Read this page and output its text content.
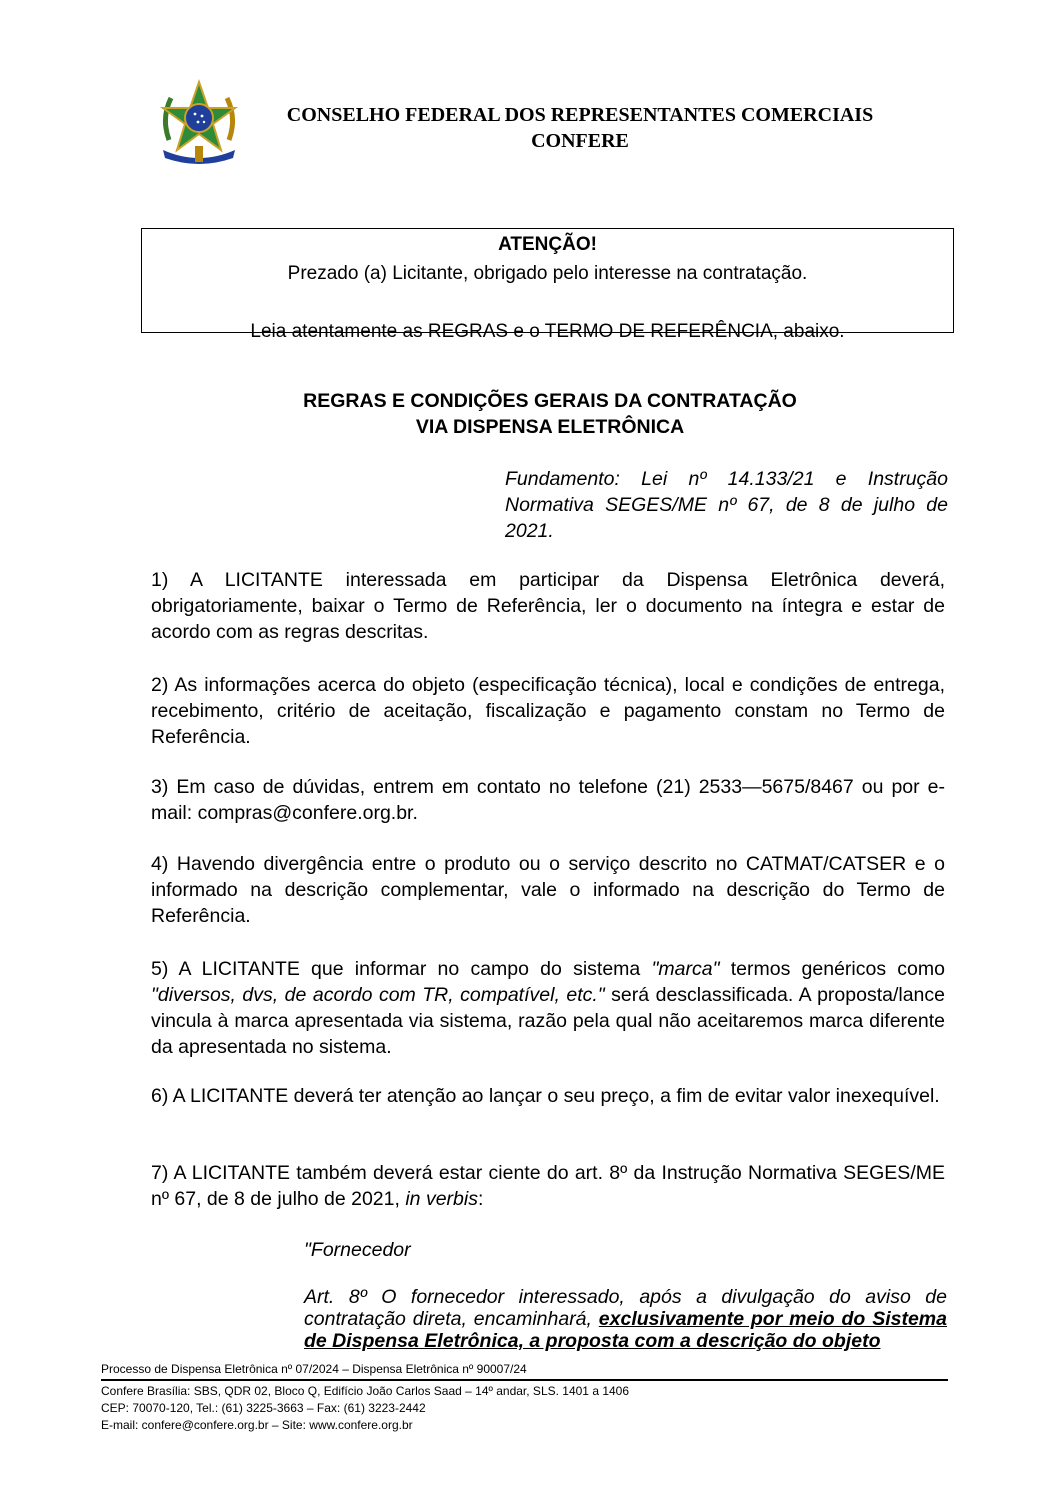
CONSELHO FEDERAL DOS REPRESENTANTES COMERCIAIS
CONFERE
ATENÇÃO!
Prezado (a) Licitante, obrigado pelo interesse na contratação.
Leia atentamente as REGRAS e o TERMO DE REFERÊNCIA, abaixo.
REGRAS E CONDIÇÕES GERAIS DA CONTRATAÇÃO
VIA DISPENSA ELETRÔNICA
Fundamento: Lei nº 14.133/21 e Instrução Normativa SEGES/ME nº 67, de 8 de julho de 2021.

1) A LICITANTE interessada em participar da Dispensa Eletrônica deverá, obrigatoriamente, baixar o Termo de Referência, ler o documento na íntegra e estar de acordo com as regras descritas.

2) As informações acerca do objeto (especificação técnica), local e condições de entrega, recebimento, critério de aceitação, fiscalização e pagamento constam no Termo de Referência.

3) Em caso de dúvidas, entrem em contato no telefone (21) 2533—5675/8467 ou por e-mail: compras@confere.org.br.

4) Havendo divergência entre o produto ou o serviço descrito no CATMAT/CATSER e o informado na descrição complementar, vale o informado na descrição do Termo de Referência.

5) A LICITANTE que informar no campo do sistema "marca" termos genéricos como "diversos, dvs, de acordo com TR, compatível, etc." será desclassificada. A proposta/lance vincula à marca apresentada via sistema, razão pela qual não aceitaremos marca diferente da apresentada no sistema.

6) A LICITANTE deverá ter atenção ao lançar o seu preço, a fim de evitar valor inexequível.

7) A LICITANTE também deverá estar ciente do art. 8º da Instrução Normativa SEGES/ME nº 67, de 8 de julho de 2021, in verbis:

"Fornecedor
Art. 8º O fornecedor interessado, após a divulgação do aviso de contratação direta, encaminhará, exclusivamente por meio do Sistema de Dispensa Eletrônica, a proposta com a descrição do objeto
Processo de Dispensa Eletrônica nº 07/2024 – Dispensa Eletrônica nº 90007/24
Confere Brasília: SBS, QDR 02, Bloco Q, Edifício João Carlos Saad – 14º andar, SLS. 1401 a 1406
CEP: 70070-120, Tel.: (61) 3225-3663 – Fax: (61) 3223-2442
E-mail: confere@confere.org.br – Site: www.confere.org.br
